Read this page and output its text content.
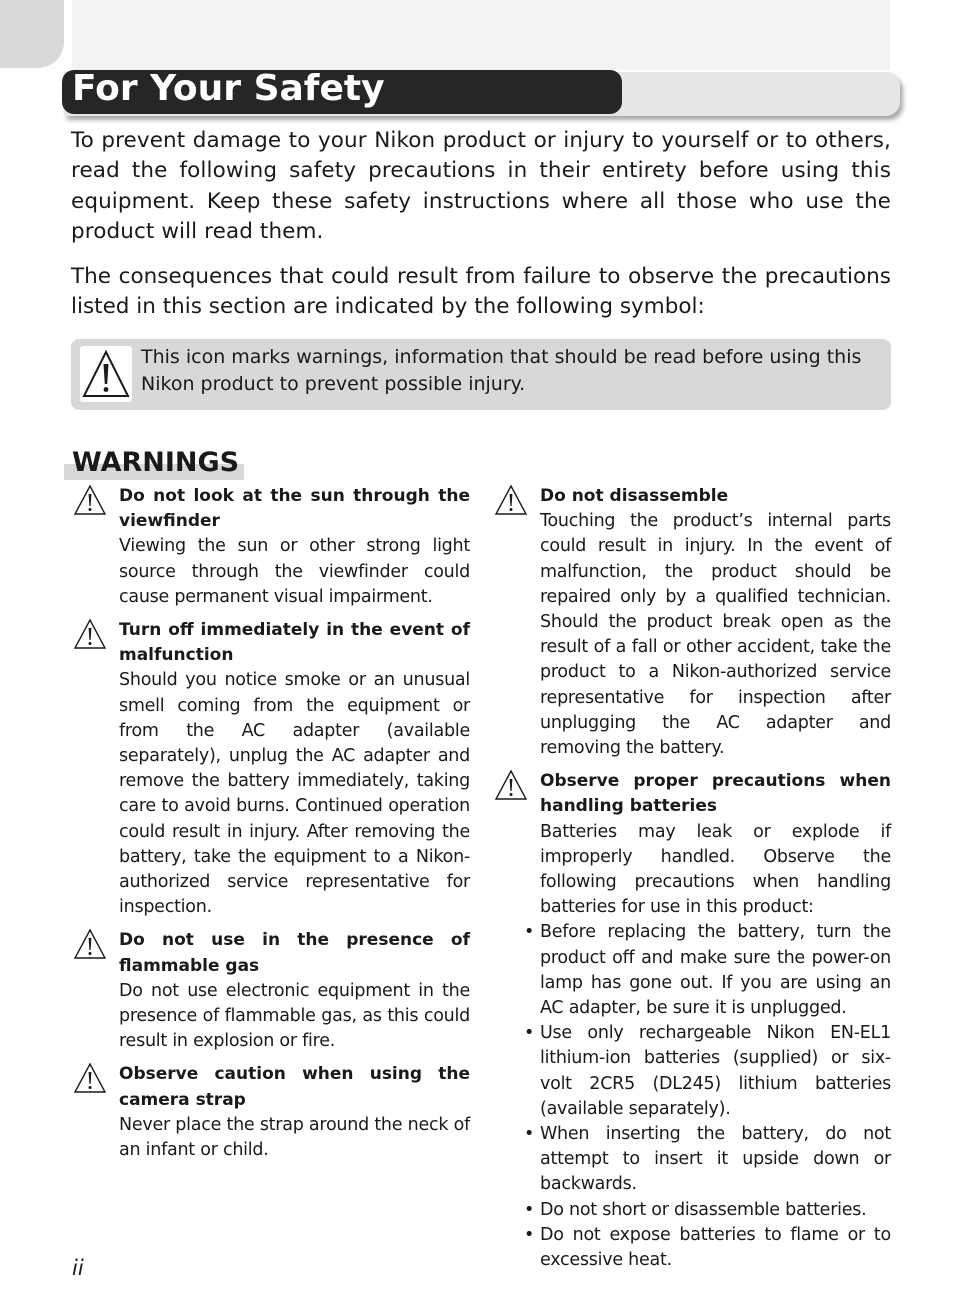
For Your Safety

To prevent damage to your Nikon product or injury to yourself or to others, read the following safety precautions in their entirety before using this equipment. Keep these safety instructions where all those who use the product will read them.

The consequences that could result from failure to observe the precautions listed in this section are indicated by the following symbol:

This icon marks warnings, information that should be read before using this Nikon product to prevent possible injury.

WARNINGS

Do not look at the sun through the viewfinder

Viewing the sun or other strong light source through the viewfinder could cause permanent visual impairment.

Turn off immediately in the event of malfunction

Should you notice smoke or an unusual smell coming from the equipment or from the AC adapter (available separately), unplug the AC adapter and remove the battery immediately, taking care to avoid burns. Continued operation could result in injury. After removing the battery, take the equipment to a Nikon-authorized service representative for inspection.

Do not use in the presence of flammable gas

Do not use electronic equipment in the presence of flammable gas, as this could result in explosion or fire.

Observe caution when using the camera strap

Never place the strap around the neck of an infant or child.

Do not disassemble

Touching the product’s internal parts could result in injury. In the event of malfunction, the product should be repaired only by a qualified technician. Should the product break open as the result of a fall or other accident, take the product to a Nikon-authorized service representative for inspection after unplugging the AC adapter and removing the battery.

Observe proper precautions when handling batteries

Batteries may leak or explode if improperly handled. Observe the following precautions when handling batteries for use in this product:

• Before replacing the battery, turn the product off and make sure the power-on lamp has gone out. If you are using an AC adapter, be sure it is unplugged.
• Use only rechargeable Nikon EN-EL1 lithium-ion batteries (supplied) or six-volt 2CR5 (DL245) lithium batteries (available separately).
• When inserting the battery, do not attempt to insert it upside down or backwards.
• Do not short or disassemble batteries.
• Do not expose batteries to flame or to excessive heat.
ii
